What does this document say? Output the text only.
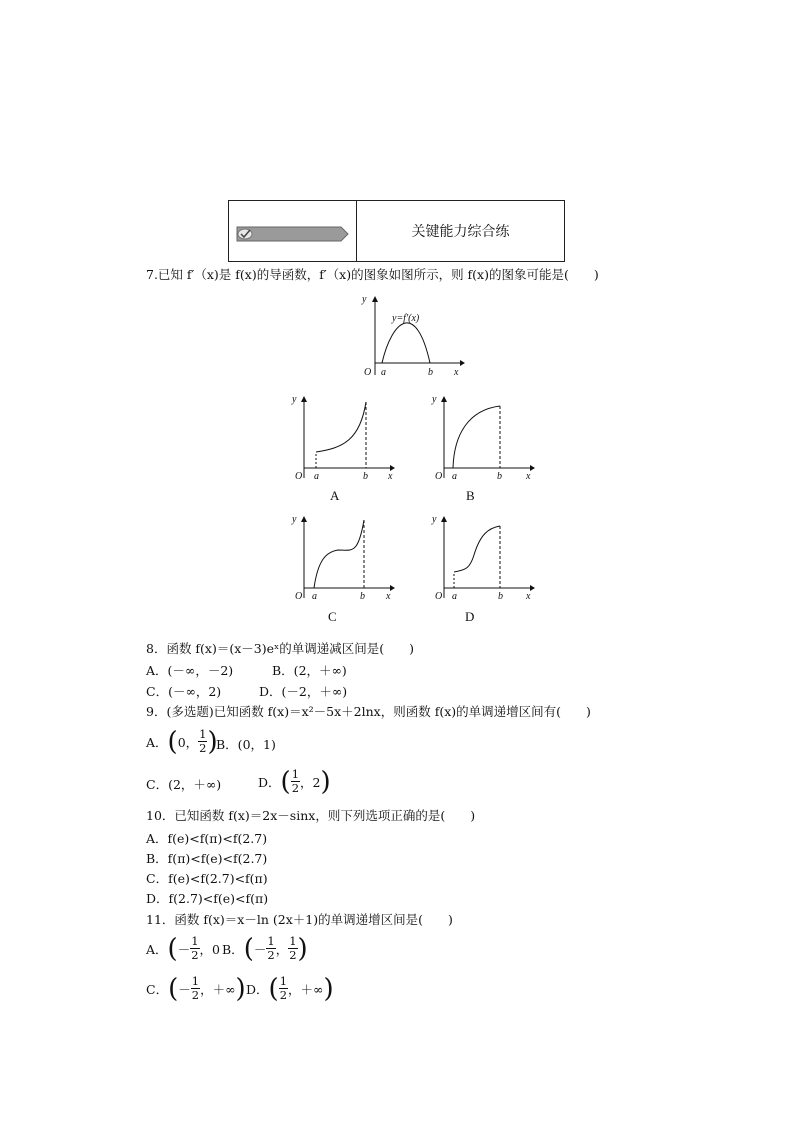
关键能力综合练
7.已知 f′（x)是 f(x)的导函数，f′（x)的图象如图所示，则 f(x)的图象可能是(　　)
y
y=f′(x)
O a	b x
y
O a	b x
A
y
O a	b x
B
y
O a	b x
C
y
O a	b x
D
8．函数 f(x)＝(x－3)eˣ的单调递减区间是(　　)
A．(－∞，－2)	B．(2，＋∞)
C．(－∞，2)	D．(－2，＋∞)
9．(多选题)已知函数 f(x)＝x²－5x＋2lnx，则函数 f(x)的单调递增区间有(　　)
A． ( 0， $\frac{1}{2}$ )
B．(0，1)
C．(2，＋∞)	D． ( $\frac{1}{2}$ ，2 )
10．已知函数 f(x)＝2x－sinx，则下列选项正确的是(　　)
A．f(e)<f(π)<f(2.7)
B．f(π)<f(e)<f(2.7)
C．f(e)<f(2.7)<f(π)
D．f(2.7)<f(e)<f(π)
11．函数 f(x)＝x－ln (2x＋1)的单调递增区间是(　　)
A． ( － $\frac{1}{2}$ ，0 B． ( － $\frac{1}{2}$ ， $\frac{1}{2}$ )
C． ( － $\frac{1}{2}$ ，＋∞ ) D． ( $\frac{1}{2}$ ，＋∞ )
